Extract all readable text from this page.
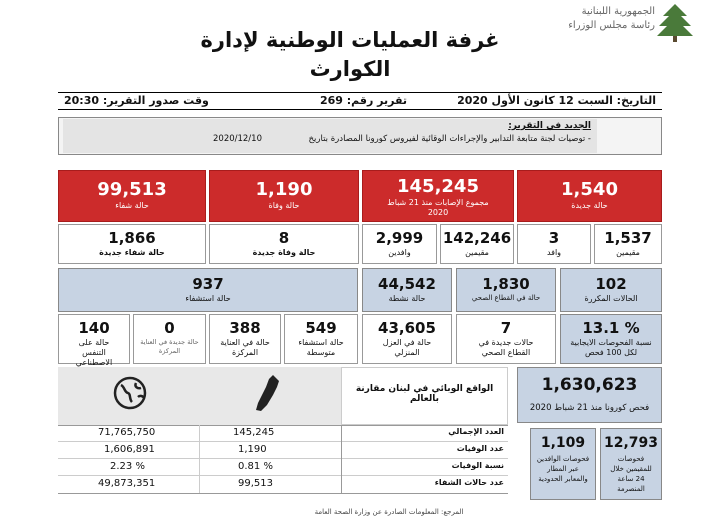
غرفة العمليات الوطنية لإدارة
الكوارث
الجمهورية اللبنانية
رئاسة مجلس الوزراء
التاريخ: السبت 12 كانون الأول 2020
تقرير رقم: 269
وقت صدور التقرير: 20:30
الجديد في التقرير:
- توصيات لجنة متابعة التدابير والإجراءات الوقائية لفيروس كورونا المصادرة بتاريخ
2020/12/10
1,540
حالة جديدة
145,245
مجموع الإصابات منذ 21 شباط 2020
1,190
حالة وفاة
99,513
حالة شفاء
1,537
مقيمين
3
وافد
142,246
مقيمين
2,999
وافدين
8
حالة وفاة جديدة
1,866
حالة شفاء جديدة
102
الحالات المكررة
1,830
حالة في القطاع الصحي
44,542
حالة نشطة
937
حالة استشفاء
13.1 %
نسبة الفحوصات الايجابية لكل 100 فحص
7
حالات جديدة في القطاع الصحي
43,605
حالة في العزل المنزلي
549
حالة استشفاء متوسطة
388
حالة في العناية المركزة
0
حالة جديدة في العناية المركزة
140
حالة على التنفس الاصطناعي
1,630,623
فحص كورونا منذ 21 شباط 2020
12,793
فحوصات للمقيمين خلال 24 ساعة المنصرمة
1,109
فحوصات الوافدين عبر المطار والمعابر الحدودية
الواقع الوبائي في لبنان مقارنة بالعالم
العدد الإجمالي
145,245
71,765,750
عدد الوفيات
1,190
1,606,891
نسبة الوفيات
0.81 %
2.23 %
عدد حالات الشفاء
99,513
49,873,351
المرجع: المعلومات الصادرة عن وزارة الصحة العامة
